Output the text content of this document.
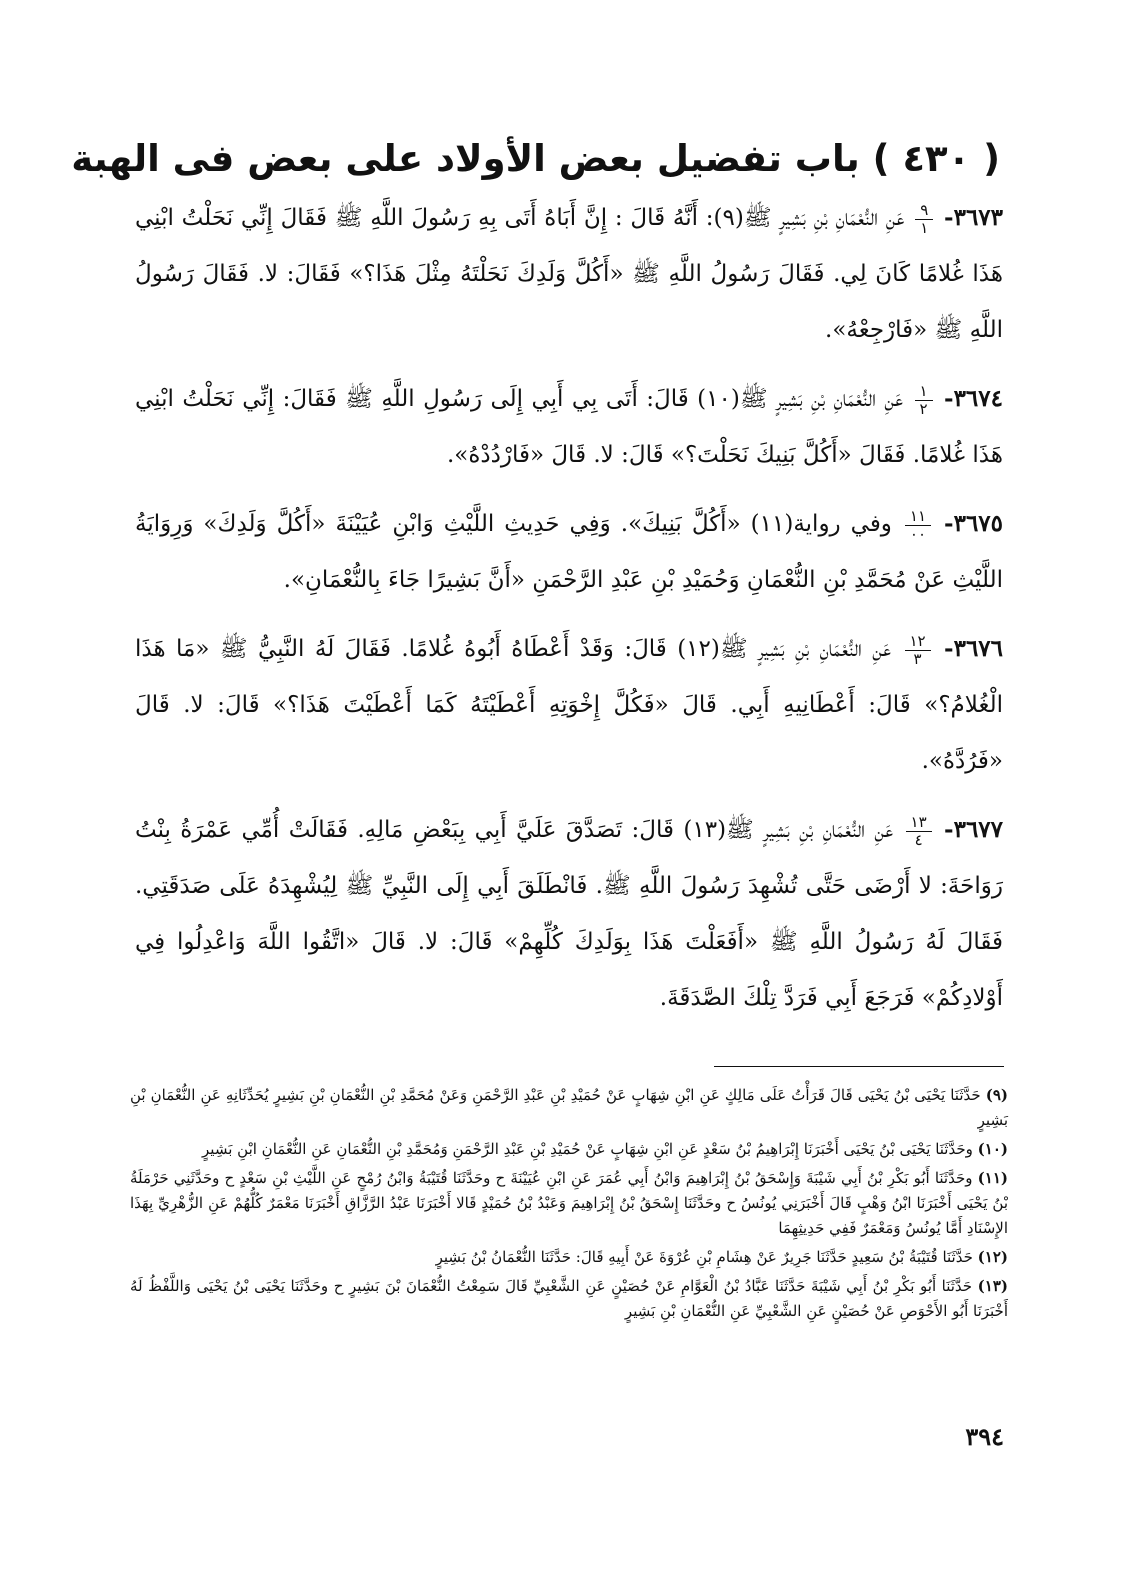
( ٤٣٠ ) باب تفضيل بعض الأولاد على بعض فى الهبة

٣٦٧٣-
$\frac{٩}{١}$
عَنِ النُّعْمَانِ بْنِ بَشِيرٍ ﷺ(٩): أَنَّهُ قَالَ : إِنَّ أَبَاهُ أَتَى بِهِ رَسُولَ اللَّهِ ﷺ فَقَالَ إِنِّي نَحَلْتُ ابْنِي هَذَا غُلامًا كَانَ لِي. فَقَالَ رَسُولُ اللَّهِ ﷺ «أَكُلَّ وَلَدِكَ نَحَلْتَهُ مِثْلَ هَذَا؟» فَقَالَ: لا. فَقَالَ رَسُولُ اللَّهِ ﷺ «فَارْجِعْهُ».

٣٦٧٤-
$\frac{١}{٢}$
عَنِ النُّعْمَانِ بْنِ بَشِيرٍ ﷺ(١٠) قَالَ: أَتَى بِي أَبِي إِلَى رَسُولِ اللَّهِ ﷺ فَقَالَ: إِنِّي نَحَلْتُ ابْنِي هَذَا غُلامًا. فَقَالَ «أَكُلَّ بَنِيكَ نَحَلْتَ؟» قَالَ: لا. قَالَ «فَارْدُدْهُ».

٣٦٧٥-
$\frac{١١}{٠٠}$
وفي رواية(١١) «أَكُلَّ بَنِيكَ». وَفِي حَدِيثِ اللَّيْثِ وَابْنِ عُيَيْنَةَ «أَكُلَّ وَلَدِكَ» وَرِوَايَةُ اللَّيْثِ عَنْ مُحَمَّدِ بْنِ النُّعْمَانِ وَحُمَيْدِ بْنِ عَبْدِ الرَّحْمَنِ «أَنَّ بَشِيرًا جَاءَ بِالنُّعْمَانِ».

٣٦٧٦-
$\frac{١٢}{٣}$
عَنِ النُّعْمَانِ بْنِ بَشِيرٍ ﷺ(١٢) قَالَ: وَقَدْ أَعْطَاهُ أَبُوهُ غُلامًا. فَقَالَ لَهُ النَّبِيُّ ﷺ «مَا هَذَا الْغُلامُ؟» قَالَ: أَعْطَانِيهِ أَبِي. قَالَ «فَكُلَّ إِخْوَتِهِ أَعْطَيْتَهُ كَمَا أَعْطَيْتَ هَذَا؟» قَالَ: لا. قَالَ «فَرُدَّهُ».

٣٦٧٧-
$\frac{١٣}{٤}$
عَنِ النُّعْمَانِ بْنِ بَشِيرٍ ﷺ(١٣) قَالَ: تَصَدَّقَ عَلَيَّ أَبِي بِبَعْضِ مَالِهِ. فَقَالَتْ أُمِّي عَمْرَةُ بِنْتُ رَوَاحَةَ: لا أَرْضَى حَتَّى تُشْهِدَ رَسُولَ اللَّهِ ﷺ. فَانْطَلَقَ أَبِي إِلَى النَّبِيِّ ﷺ لِيُشْهِدَهُ عَلَى صَدَقَتِي. فَقَالَ لَهُ رَسُولُ اللَّهِ ﷺ «أَفَعَلْتَ هَذَا بِوَلَدِكَ كُلِّهِمْ» قَالَ: لا. قَالَ «اتَّقُوا اللَّهَ وَاعْدِلُوا فِي أَوْلادِكُمْ» فَرَجَعَ أَبِي فَرَدَّ تِلْكَ الصَّدَقَةَ.

(٩) حَدَّثَنَا يَحْيَى بْنُ يَحْيَى قَالَ قَرَأْتُ عَلَى مَالِكٍ عَنِ ابْنِ شِهَابٍ عَنْ حُمَيْدِ بْنِ عَبْدِ الرَّحْمَنِ وَعَنْ مُحَمَّدِ بْنِ النُّعْمَانِ بْنِ بَشِيرٍ يُحَدِّثَانِهِ عَنِ النُّعْمَانِ بْنِ بَشِيرٍ

(١٠) وحَدَّثَنَا يَحْيَى بْنُ يَحْيَى أَخْبَرَنَا إِبْرَاهِيمُ بْنُ سَعْدٍ عَنِ ابْنِ شِهَابٍ عَنْ حُمَيْدِ بْنِ عَبْدِ الرَّحْمَنِ وَمُحَمَّدِ بْنِ النُّعْمَانِ عَنِ النُّعْمَانِ ابْنِ بَشِيرٍ

(١١) وحَدَّثَنَا أَبُو بَكْرِ بْنُ أَبِي شَيْبَةَ وَإِسْحَقُ بْنُ إِبْرَاهِيمَ وَابْنُ أَبِي عُمَرَ عَنِ ابْنِ عُيَيْنَةَ ح وحَدَّثَنَا قُتَيْبَةُ وَابْنُ رُمْحٍ عَنِ اللَّيْثِ بْنِ سَعْدٍ ح وحَدَّثَنِي حَرْمَلَةُ بْنُ يَحْيَى أَخْبَرَنَا ابْنُ وَهْبٍ قَالَ أَخْبَرَنِي يُونُسُ ح وحَدَّثَنَا إِسْحَقُ بْنُ إِبْرَاهِيمَ وَعَبْدُ بْنُ حُمَيْدٍ قَالا أَخْبَرَنَا عَبْدُ الرَّزَّاقِ أَخْبَرَنَا مَعْمَرٌ كُلُّهُمْ عَنِ الزُّهْرِيِّ بِهَذَا الإِسْنَادِ أَمَّا يُونُسُ وَمَعْمَرٌ فَفِي حَدِيثِهِمَا

(١٢) حَدَّثَنَا قُتَيْبَةُ بْنُ سَعِيدٍ حَدَّثَنَا جَرِيرٌ عَنْ هِشَامِ بْنِ عُرْوَةَ عَنْ أَبِيهِ قَالَ: حَدَّثَنَا النُّعْمَانُ بْنُ بَشِيرٍ

(١٣) حَدَّثَنَا أَبُو بَكْرِ بْنُ أَبِي شَيْبَةَ حَدَّثَنَا عَبَّادُ بْنُ الْعَوَّامِ عَنْ حُصَيْنٍ عَنِ الشَّعْبِيِّ قَالَ سَمِعْتُ النُّعْمَانَ بْنَ بَشِيرٍ ح وحَدَّثَنَا يَحْيَى بْنُ يَحْيَى وَاللَّفْظُ لَهُ أَخْبَرَنَا أَبُو الأَحْوَصِ عَنْ حُصَيْنٍ عَنِ الشَّعْبِيِّ عَنِ النُّعْمَانِ بْنِ بَشِيرٍ

٣٩٤
